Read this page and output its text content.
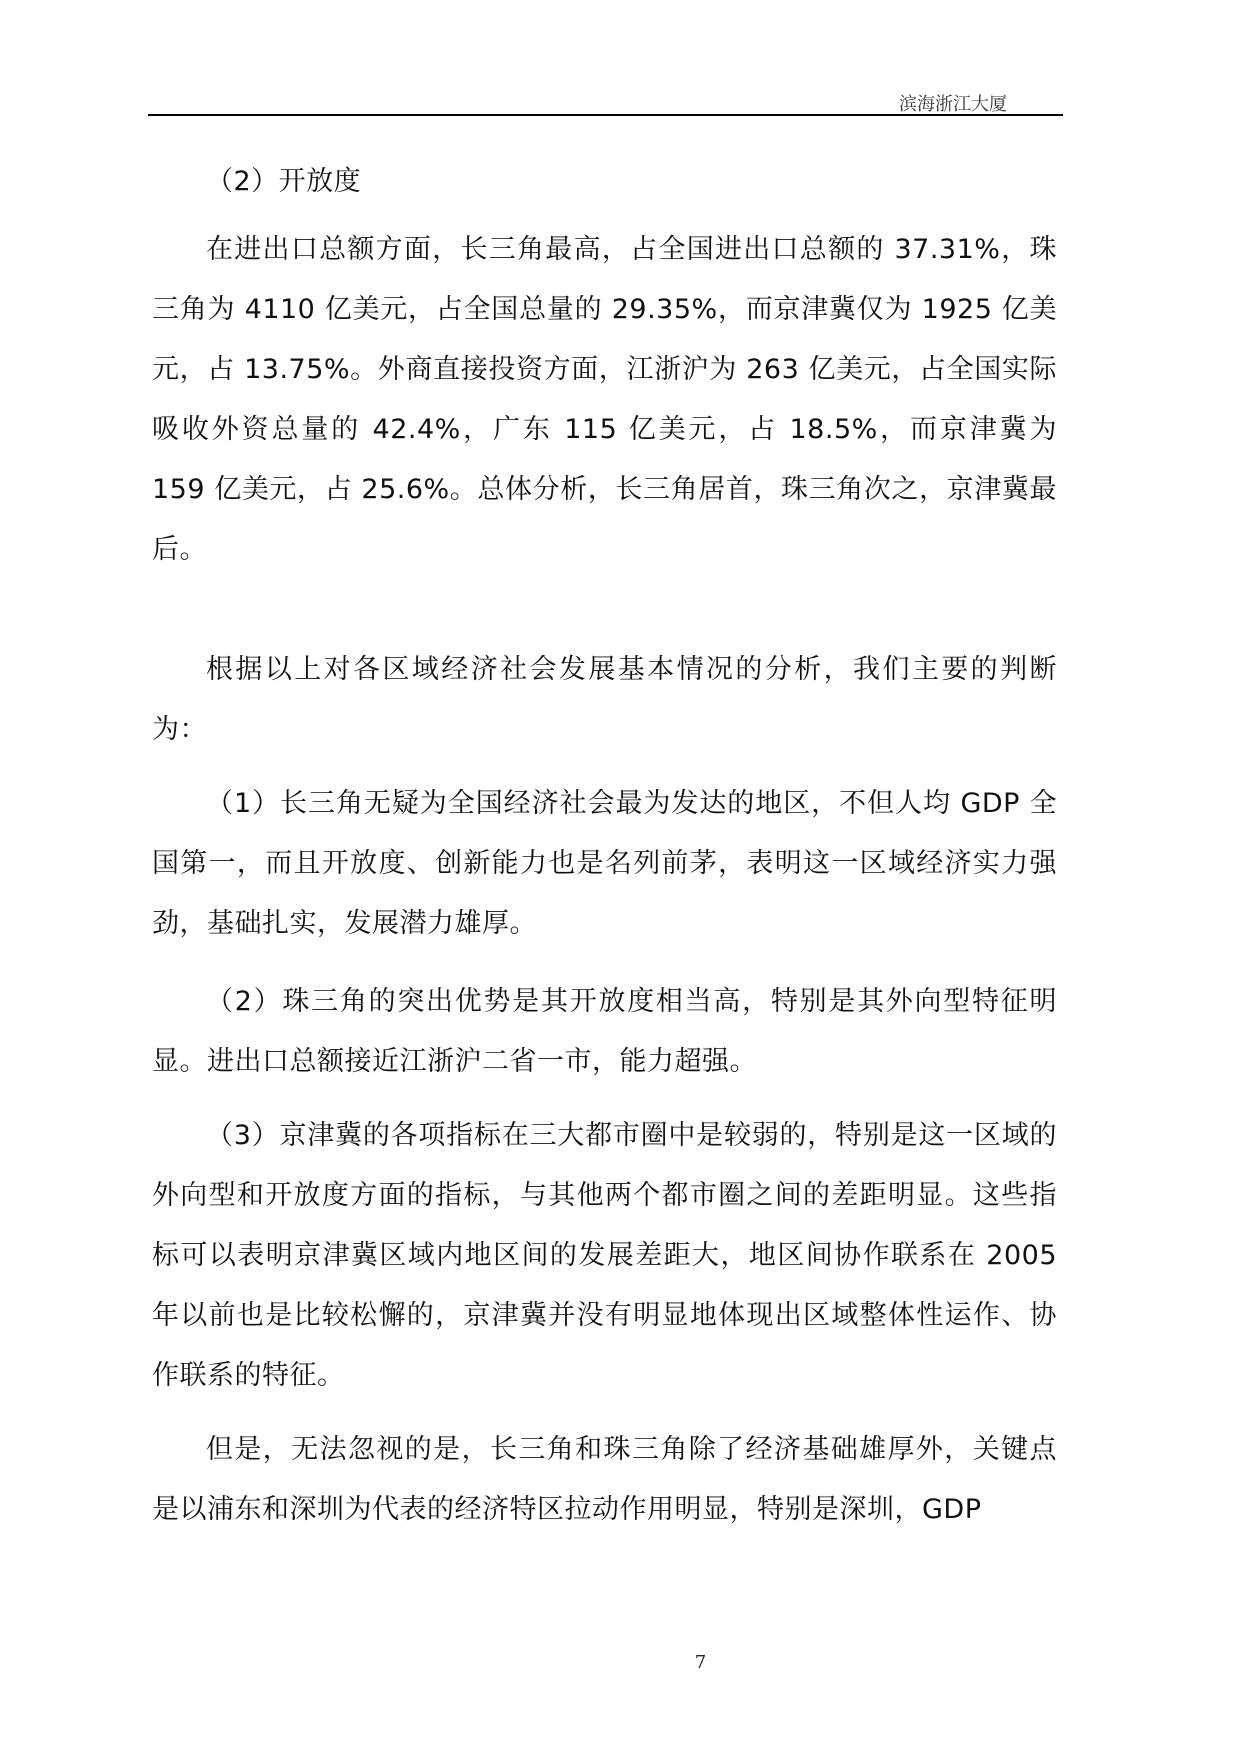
滨海浙江大厦

（2）开放度

在进出口总额方面，长三角最高，占全国进出口总额的 37.31%，珠三角为 4110 亿美元，占全国总量的 29.35%，而京津冀仅为 1925 亿美元，占 13.75%。外商直接投资方面，江浙沪为 263 亿美元，占全国实际吸收外资总量的 42.4%，广东 115 亿美元，占 18.5%，而京津冀为 159 亿美元，占 25.6%。总体分析，长三角居首，珠三角次之，京津冀最后。

根据以上对各区域经济社会发展基本情况的分析，我们主要的判断为：

（1）长三角无疑为全国经济社会最为发达的地区，不但人均 GDP 全国第一，而且开放度、创新能力也是名列前茅，表明这一区域经济实力强劲，基础扎实，发展潜力雄厚。

（2）珠三角的突出优势是其开放度相当高，特别是其外向型特征明显。进出口总额接近江浙沪二省一市，能力超强。

（3）京津冀的各项指标在三大都市圈中是较弱的，特别是这一区域的外向型和开放度方面的指标，与其他两个都市圈之间的差距明显。这些指标可以表明京津冀区域内地区间的发展差距大，地区间协作联系在 2005 年以前也是比较松懈的，京津冀并没有明显地体现出区域整体性运作、协作联系的特征。

但是，无法忽视的是，长三角和珠三角除了经济基础雄厚外，关键点是以浦东和深圳为代表的经济特区拉动作用明显，特别是深圳，GDP

7
